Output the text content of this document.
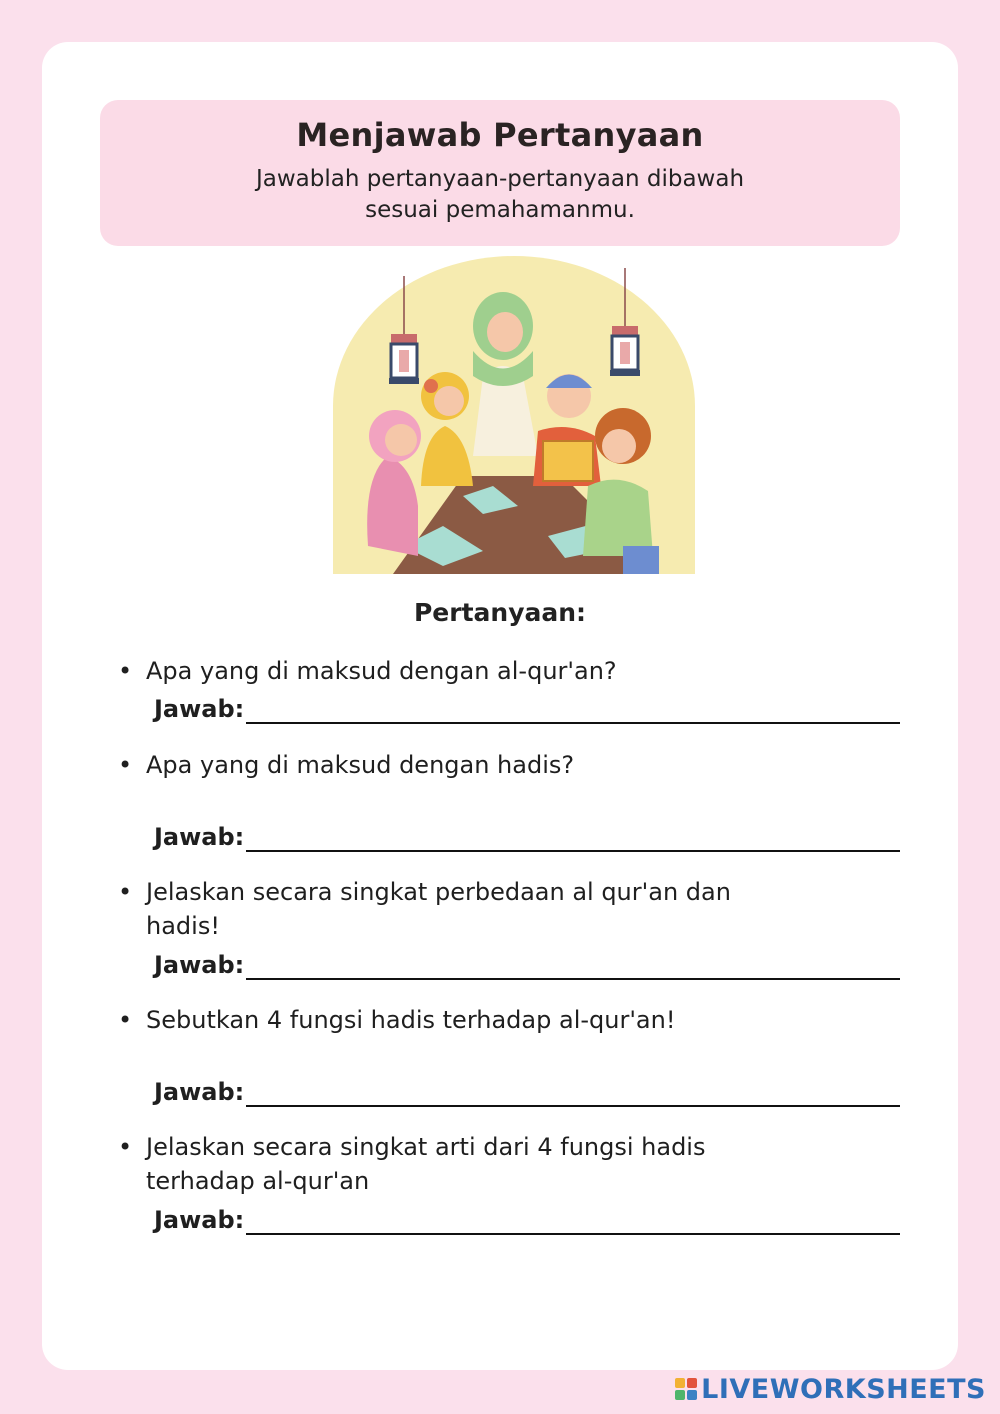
Menjawab Pertanyaan
Jawablah pertanyaan-pertanyaan dibawah
sesuai pemahamanmu.
Pertanyaan:
• Apa yang di maksud dengan al-qur'an?
Jawab:
• Apa yang di maksud dengan hadis?
Jawab:
• Jelaskan secara singkat perbedaan al qur'an dan
hadis!
Jawab:
• Sebutkan 4 fungsi hadis terhadap al-qur'an!
Jawab:
• Jelaskan secara singkat arti dari 4 fungsi hadis
terhadap al-qur'an
Jawab:
LIVEWORKSHEETS
